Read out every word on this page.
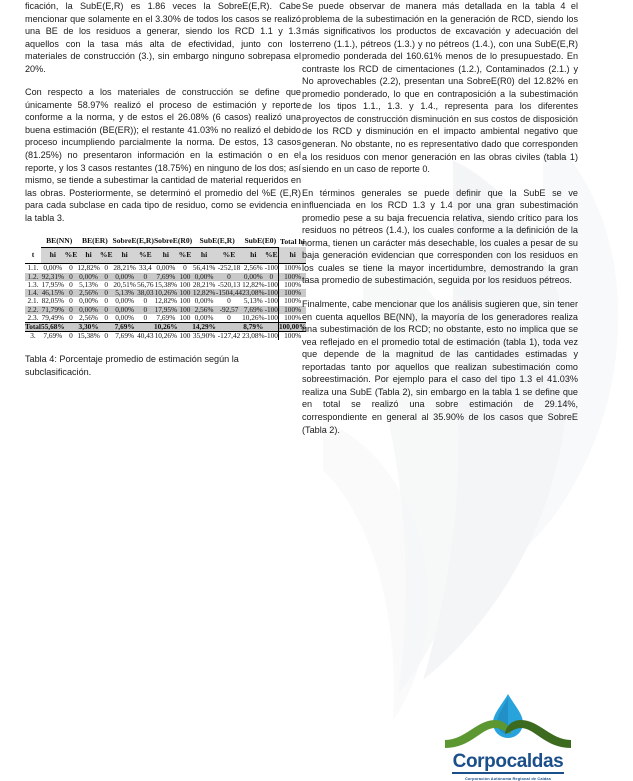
ficación, la SubE(E,R) es 1.86 veces la SobreE(E,R). Cabe mencionar que solamente en el 3.30% de todos los casos se realizó una BE de los residuos a generar, siendo los RCD 1.1 y 1.3 aquellos con la tasa más alta de efectividad, junto con los materiales de construcción (3.), sin embargo ninguno sobrepasa el 20%.

Con respecto a los materiales de construcción se define que únicamente 58.97% realizó el proceso de estimación y reporte conforme a la norma, y de estos el 26.08% (6 casos) realizó una buena estimación (BE(ER)); el restante 41.03% no realizó el debido proceso incumpliendo parcialmente la norma. De estos, 13 casos (81.25%) no presentaron información en la estimación o en el reporte, y los 3 casos restantes (18.75%) en ninguno de los dos; así mismo, se tiende a subestimar la cantidad de material requeridos en las obras. Posteriormente, se determinó el promedio del %E (E,R) para cada subclase en cada tipo de residuo, como se evidencia en la tabla 3.

	BE(NN)		BE(ER)		SobreE(E,R)		SobreE(R0)		SubE(E,R)		SubE(E0)		Total hi
t	hi	%E	hi	%E	hi	%E	hi	%E	hi	%E	hi	%E	hi
1.1.	0,00%	0	12,82%	0	28,21%	33,4	0,00%	0	56,41%	-252,18	2,56%	-100	100%
1.2.	92,31%	0	0,00%	0	0,00%	0	7,69%	100	0,00%	0	0,00%	0	100%
1.3.	17,95%	0	5,13%	0	20,51%	56,76	15,38%	100	28,21%	-520,13	12,82%	-100	100%
1.4.	46,15%	0	2,56%	0	5,13%	38,03	10,26%	100	12,82%	-1504,44	23,08%	-100	100%
2.1.	82,05%	0	0,00%	0	0,00%	0	12,82%	100	0,00%	0	5,13%	-100	100%
2.2.	71,79%	0	0,00%	0	0,00%	0	17,95%	100	2,56%	-92,57	7,69%	-100	100%
2.3.	79,49%	0	2,56%	0	0,00%	0	7,69%	100	0,00%	0	10,26%	-100	100%
Total	55,68%		3,30%		7,69%		10,26%		14,29%		8,79%		100,00%
3.	7,69%	0	15,38%	0	7,69%	40,43	10,26%	100	35,90%	-127,42	23,08%	-100	100%
Tabla 4: Porcentaje promedio de estimación según la subclasificación.

Se puede observar de manera más detallada en la tabla 4 el problema de la subestimación en la generación de RCD, siendo los más significativos los productos de excavación y adecuación del terreno (1.1.), pétreos (1.3.) y no pétreos (1.4.), con una SubE(E,R) promedio ponderada del 160.61% menos de lo presupuestado. En contraste los RCD de cimentaciones (1.2.), Contaminados (2.1.) y No aprovechables (2.2), presentan una SobreE(R0) del 12.82% en promedio ponderado, lo que en contraposición a la subestimación de los tipos 1.1., 1.3. y 1.4., representa para los diferentes proyectos de construcción disminución en sus costos de disposición de los RCD y disminución en el impacto ambiental negativo que generan. No obstante, no es representativo dado que corresponden a los residuos con menor generación en las obras civiles (tabla 1) siendo en un caso de reporte 0.

En términos generales se puede definir que la SubE se ve influenciada en los RCD 1.3 y 1.4 por una gran subestimación promedio pese a su baja frecuencia relativa, siendo crítico para los residuos no pétreos (1.4.), los cuales conforme a la definición de la norma, tienen un carácter más desechable, los cuales a pesar de su baja generación evidencian que corresponden con los residuos en los cuales se tiene la mayor incertidumbre, demostrando la gran tasa promedio de subestimación, seguida por los residuos pétreos.

Finalmente, cabe mencionar que los análisis sugieren que, sin tener en cuenta aquellos BE(NN), la mayoría de los generadores realiza una subestimación de los RCD; no obstante, esto no implica que se vea reflejado en el promedio total de estimación (tabla 1), toda vez que depende de la magnitud de las cantidades estimadas y reportadas tanto por aquellos que realizan subestimación como sobreestimación. Por ejemplo para el caso del tipo 1.3 el 41.03% realiza una SubE (Tabla 2), sin embargo en la tabla 1 se define que en total se realizó una sobre estimación de 29.14%, correspondiente en general al 35.90% de los casos que SobreE (Tabla 2).

Corpocaldas
Corporación Autónoma Regional de Caldas
